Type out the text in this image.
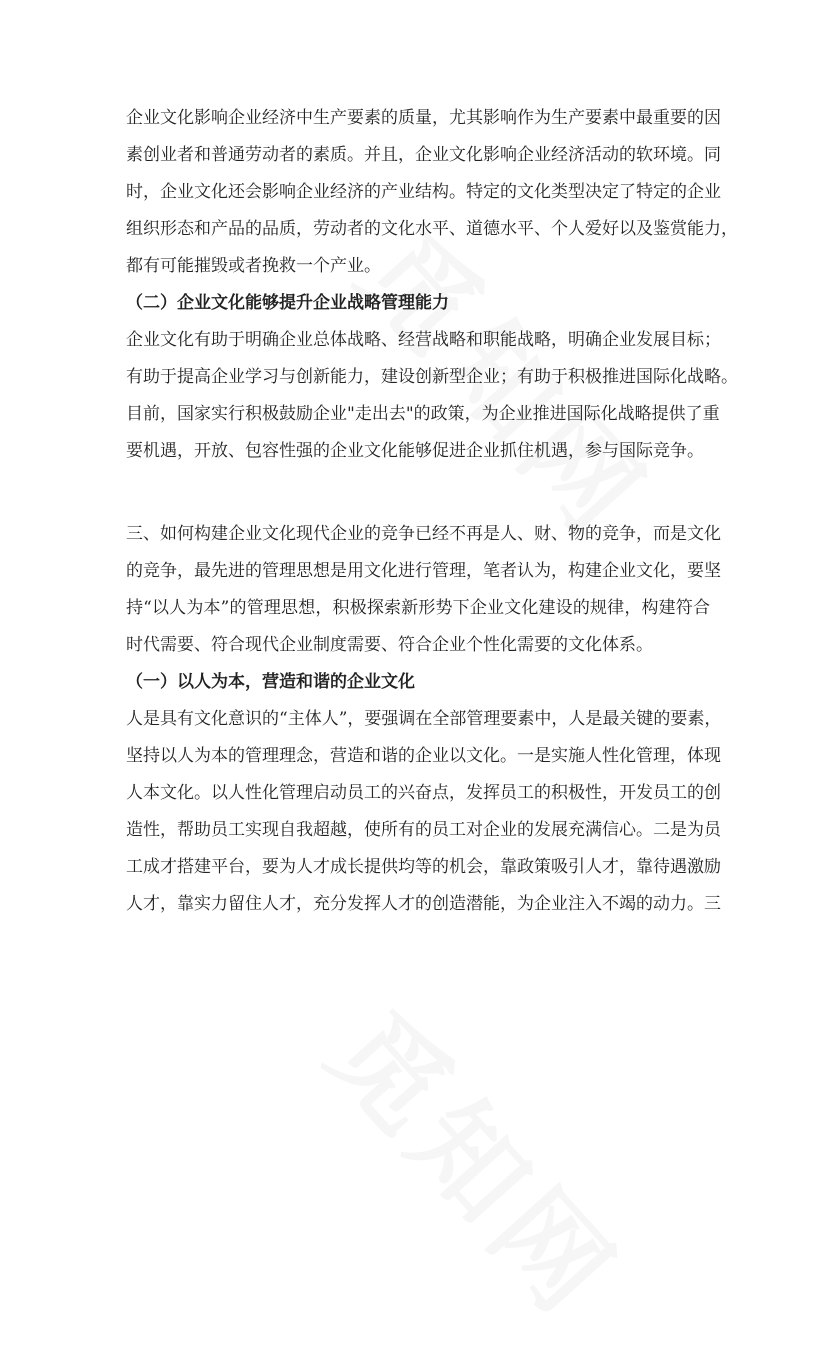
企业文化影响企业经济中生产要素的质量，尤其影响作为生产要素中最重要的因
素创业者和普通劳动者的素质。并且，企业文化影响企业经济活动的软环境。同
时，企业文化还会影响企业经济的产业结构。特定的文化类型决定了特定的企业
组织形态和产品的品质，劳动者的文化水平、道德水平、个人爱好以及鉴赏能力，
都有可能摧毁或者挽救一个产业。
（二）企业文化能够提升企业战略管理能力
企业文化有助于明确企业总体战略、经营战略和职能战略，明确企业发展目标；
有助于提高企业学习与创新能力，建设创新型企业；有助于积极推进国际化战略。
目前，国家实行积极鼓励企业"走出去"的政策，为企业推进国际化战略提供了重
要机遇，开放、包容性强的企业文化能够促进企业抓住机遇，参与国际竞争。
三、如何构建企业文化现代企业的竞争已经不再是人、财、物的竞争，而是文化
的竞争，最先进的管理思想是用文化进行管理，笔者认为，构建企业文化，要坚
持“以人为本”的管理思想，积极探索新形势下企业文化建设的规律，构建符合
时代需要、符合现代企业制度需要、符合企业个性化需要的文化体系。
（一）以人为本，营造和谐的企业文化
人是具有文化意识的“主体人”，要强调在全部管理要素中，人是最关键的要素，
坚持以人为本的管理理念，营造和谐的企业以文化。一是实施人性化管理，体现
人本文化。以人性化管理启动员工的兴奋点，发挥员工的积极性，开发员工的创
造性，帮助员工实现自我超越，使所有的员工对企业的发展充满信心。二是为员
工成才搭建平台，要为人才成长提供均等的机会，靠政策吸引人才，靠待遇激励
人才，靠实力留住人才，充分发挥人才的创造潜能，为企业注入不竭的动力。三
